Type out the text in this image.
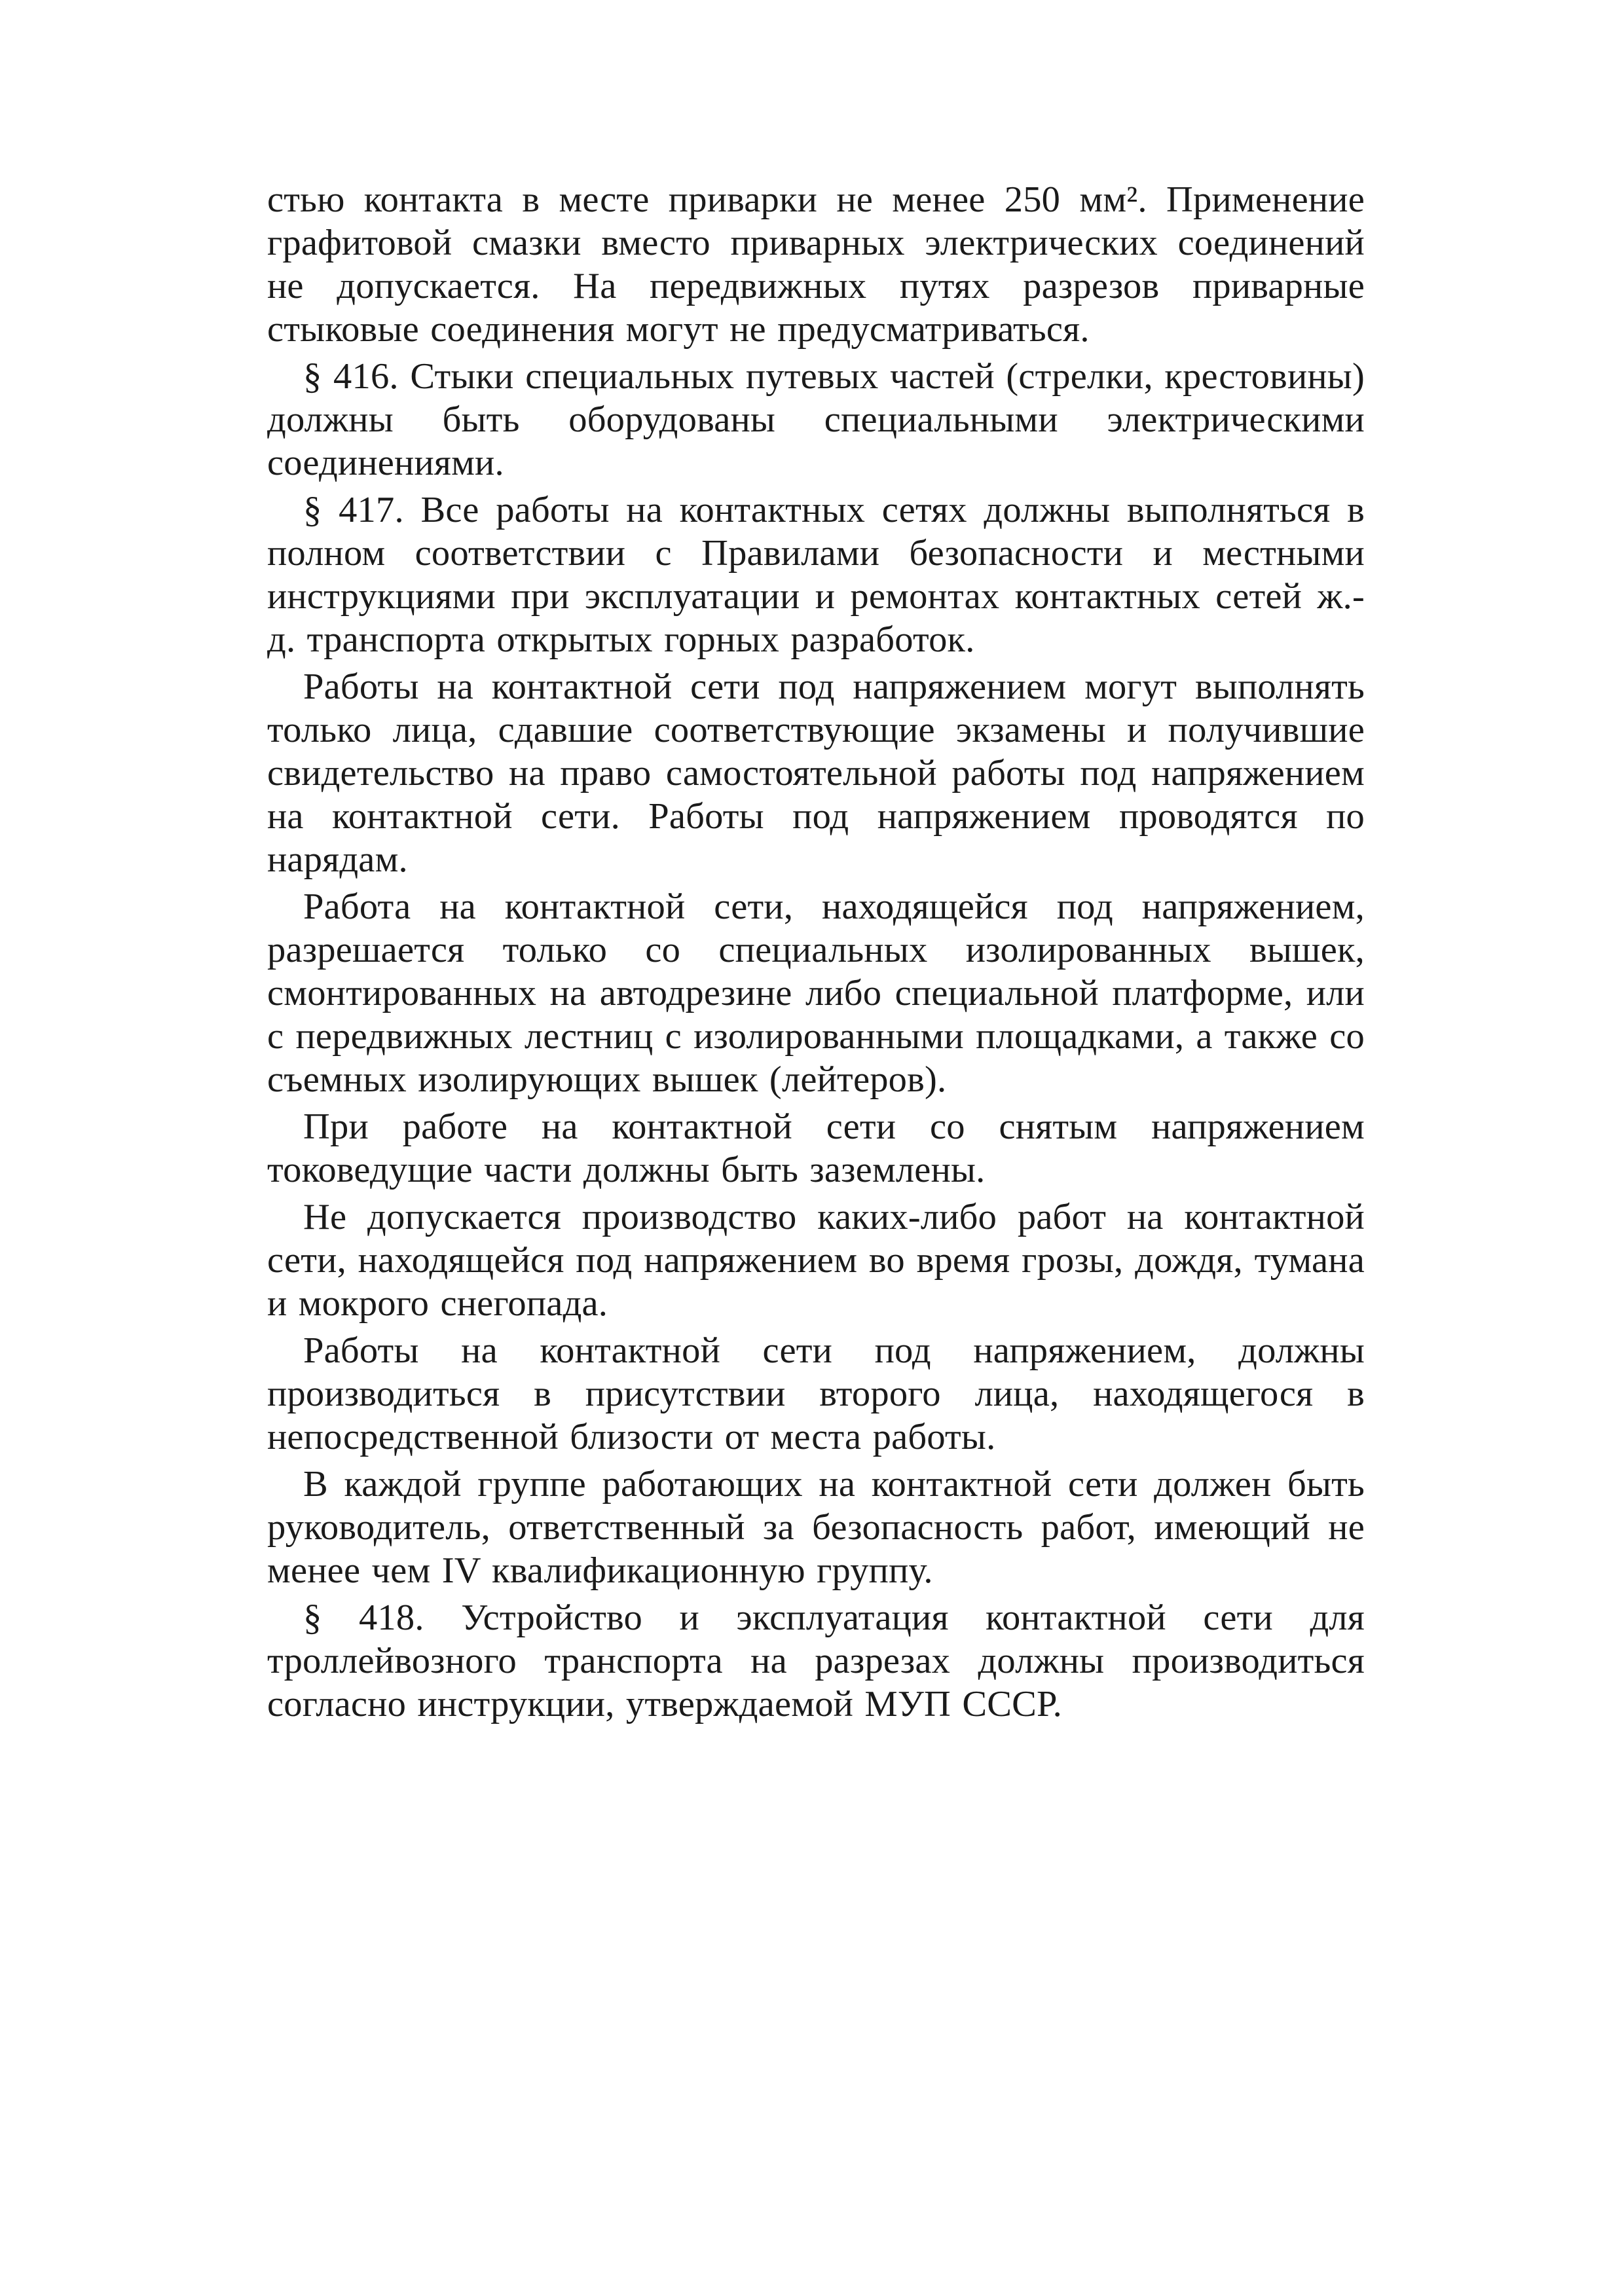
стью контакта в месте приварки не менее 250 мм². Применение графитовой смазки вместо приварных электрических соединений не допускается. На передвижных путях разрезов приварные стыковые соединения могут не предусматриваться.

§ 416. Стыки специальных путевых частей (стрелки, крестовины) должны быть оборудованы специальными электрическими соединениями.

§ 417. Все работы на контактных сетях должны выполняться в полном соответствии с Правилами безопасности и местными инструкциями при эксплуатации и ремонтах контактных сетей ж.-д. транспорта открытых горных разработок.

Работы на контактной сети под напряжением могут выполнять только лица, сдавшие соответствующие экзамены и получившие свидетельство на право самостоятельной работы под напряжением на контактной сети. Работы под напряжением проводятся по нарядам.

Работа на контактной сети, находящейся под напряжением, разрешается только со специальных изолированных вышек, смонтированных на автодрезине либо специальной платформе, или с передвижных лестниц с изолированными площадками, а также со съемных изолирующих вышек (лейтеров).

При работе на контактной сети со снятым напряжением токоведущие части должны быть заземлены.

Не допускается производство каких-либо работ на контактной сети, находящейся под напряжением во время грозы, дождя, тумана и мокрого снегопада.

Работы на контактной сети под напряжением, должны производиться в присутствии второго лица, находящегося в непосредственной близости от места работы.

В каждой группе работающих на контактной сети должен быть руководитель, ответственный за безопасность работ, имеющий не менее чем IV квалификационную группу.

§ 418. Устройство и эксплуатация контактной сети для троллейвозного транспорта на разрезах должны производиться согласно инструкции, утверждаемой МУП СССР.
